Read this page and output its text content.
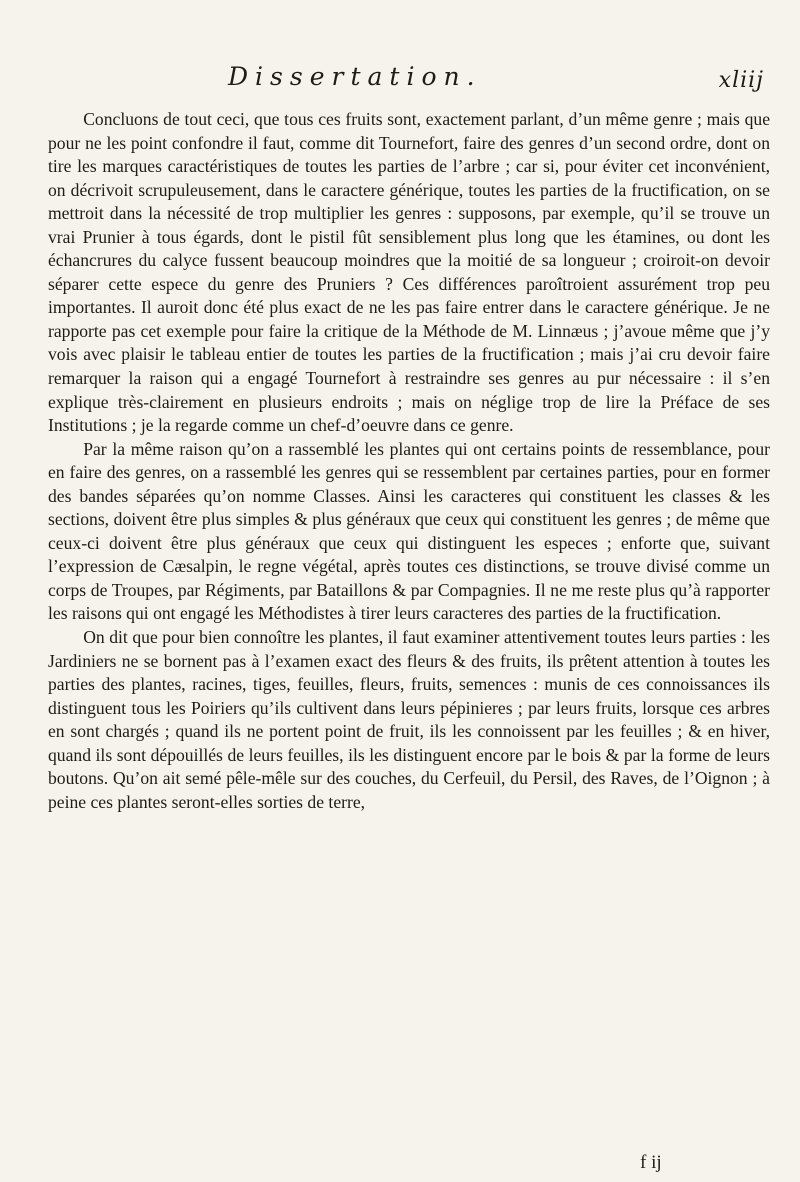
Dissertation.	xliij

Concluons de tout ceci, que tous ces fruits sont, exactement parlant, d’un même genre ; mais que pour ne les point confondre il faut, comme dit Tournefort, faire des genres d’un second ordre, dont on tire les marques caractéristiques de toutes les parties de l’arbre ; car si, pour éviter cet inconvénient, on décrivoit scrupuleusement, dans le caractere générique, toutes les parties de la fructification, on se mettroit dans la nécessité de trop multiplier les genres : supposons, par exemple, qu’il se trouve un vrai Prunier à tous égards, dont le pistil fût sensiblement plus long que les étamines, ou dont les échancrures du calyce fussent beaucoup moindres que la moitié de sa longueur ; croiroit-on devoir séparer cette espece du genre des Pruniers ? Ces différences paroîtroient assurément trop peu importantes. Il auroit donc été plus exact de ne les pas faire entrer dans le caractere générique. Je ne rapporte pas cet exemple pour faire la critique de la Méthode de M. Linnæus ; j’avoue même que j’y vois avec plaisir le tableau entier de toutes les parties de la fructification ; mais j’ai cru devoir faire remarquer la raison qui a engagé Tournefort à restraindre ses genres au pur nécessaire : il s’en explique très-clairement en plusieurs endroits ; mais on néglige trop de lire la Préface de ses Institutions ; je la regarde comme un chef-d’oeuvre dans ce genre.

Par la même raison qu’on a rassemblé les plantes qui ont certains points de ressemblance, pour en faire des genres, on a rassemblé les genres qui se ressemblent par certaines parties, pour en former des bandes séparées qu’on nomme Classes. Ainsi les caracteres qui constituent les classes & les sections, doivent être plus simples & plus généraux que ceux qui constituent les genres ; de même que ceux-ci doivent être plus généraux que ceux qui distinguent les especes ; enforte que, suivant l’expression de Cæsalpin, le regne végétal, après toutes ces distinctions, se trouve divisé comme un corps de Troupes, par Régiments, par Bataillons & par Compagnies. Il ne me reste plus qu’à rapporter les raisons qui ont engagé les Méthodistes à tirer leurs caracteres des parties de la fructification.

On dit que pour bien connoître les plantes, il faut examiner attentivement toutes leurs parties : les Jardiniers ne se bornent pas à l’examen exact des fleurs & des fruits, ils prêtent attention à toutes les parties des plantes, racines, tiges, feuilles, fleurs, fruits, semences : munis de ces connoissances ils distinguent tous les Poiriers qu’ils cultivent dans leurs pépinieres ; par leurs fruits, lorsque ces arbres en sont chargés ; quand ils ne portent point de fruit, ils les connoissent par les feuilles ; & en hiver, quand ils sont dépouillés de leurs feuilles, ils les distinguent encore par le bois & par la forme de leurs boutons. Qu’on ait semé pêle-mêle sur des couches, du Cerfeuil, du Persil, des Raves, de l’Oignon ; à peine ces plantes seront-elles sorties de terre,

f ij
